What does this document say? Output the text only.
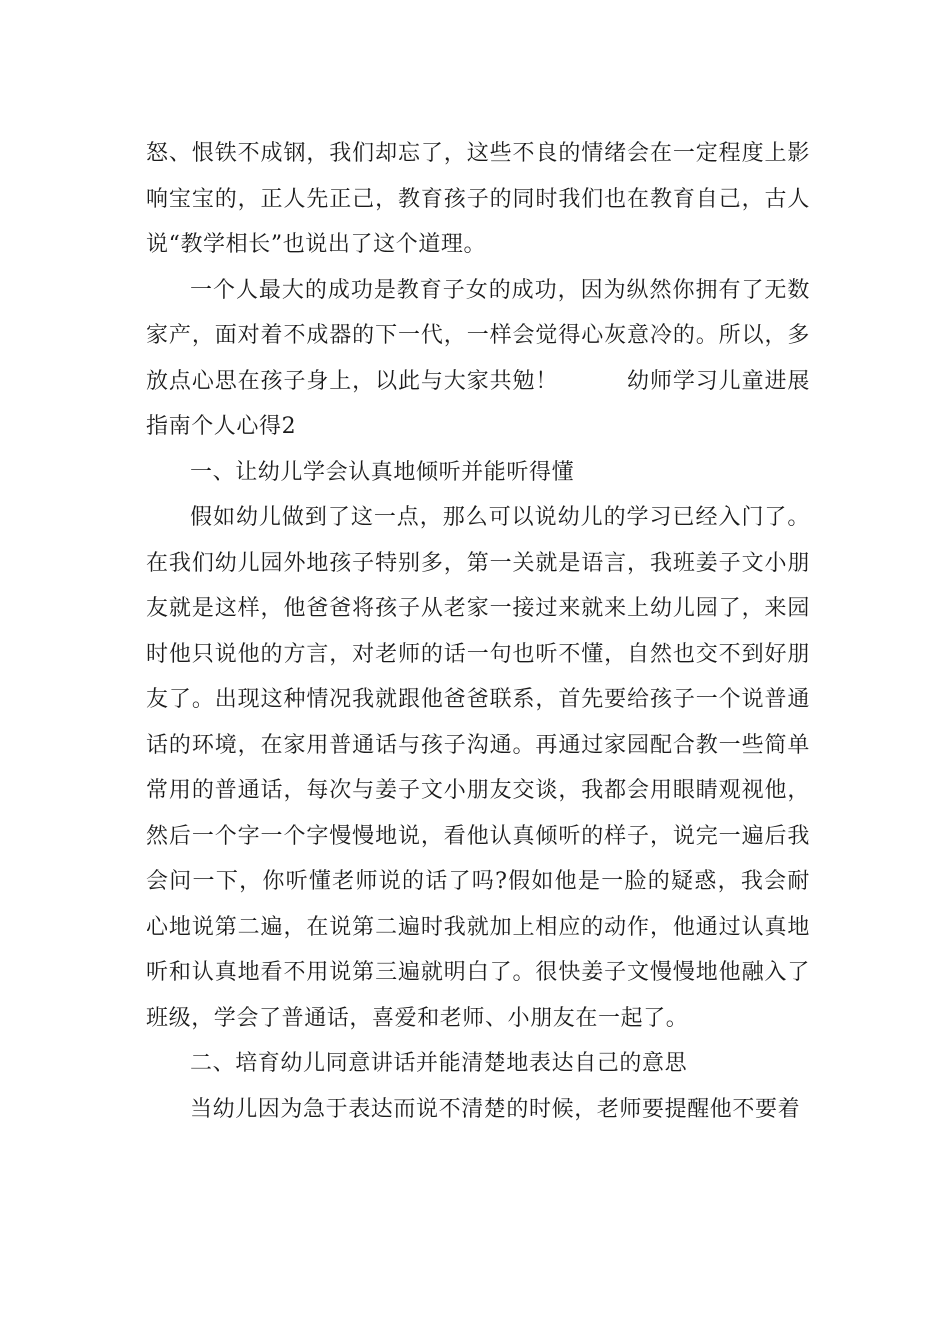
怒、恨铁不成钢，我们却忘了，这些不良的情绪会在一定程度上影响宝宝的，正人先正己，教育孩子的同时我们也在教育自己，古人说“教学相长”也说出了这个道理。

一个人最大的成功是教育子女的成功，因为纵然你拥有了无数家产，面对着不成器的下一代，一样会觉得心灰意冷的。所以，多放点心思在孩子身上，以此与大家共勉！　　　幼师学习儿童进展指南个人心得2

一、让幼儿学会认真地倾听并能听得懂

假如幼儿做到了这一点，那么可以说幼儿的学习已经入门了。在我们幼儿园外地孩子特别多，第一关就是语言，我班姜子文小朋友就是这样，他爸爸将孩子从老家一接过来就来上幼儿园了，来园时他只说他的方言，对老师的话一句也听不懂，自然也交不到好朋友了。出现这种情况我就跟他爸爸联系，首先要给孩子一个说普通话的环境，在家用普通话与孩子沟通。再通过家园配合教一些简单常用的普通话，每次与姜子文小朋友交谈，我都会用眼睛观视他，然后一个字一个字慢慢地说，看他认真倾听的样子，说完一遍后我会问一下，你听懂老师说的话了吗?假如他是一脸的疑惑，我会耐心地说第二遍，在说第二遍时我就加上相应的动作，他通过认真地听和认真地看不用说第三遍就明白了。很快姜子文慢慢地他融入了班级，学会了普通话，喜爱和老师、小朋友在一起了。

二、培育幼儿同意讲话并能清楚地表达自己的意思

当幼儿因为急于表达而说不清楚的时候，老师要提醒他不要着
